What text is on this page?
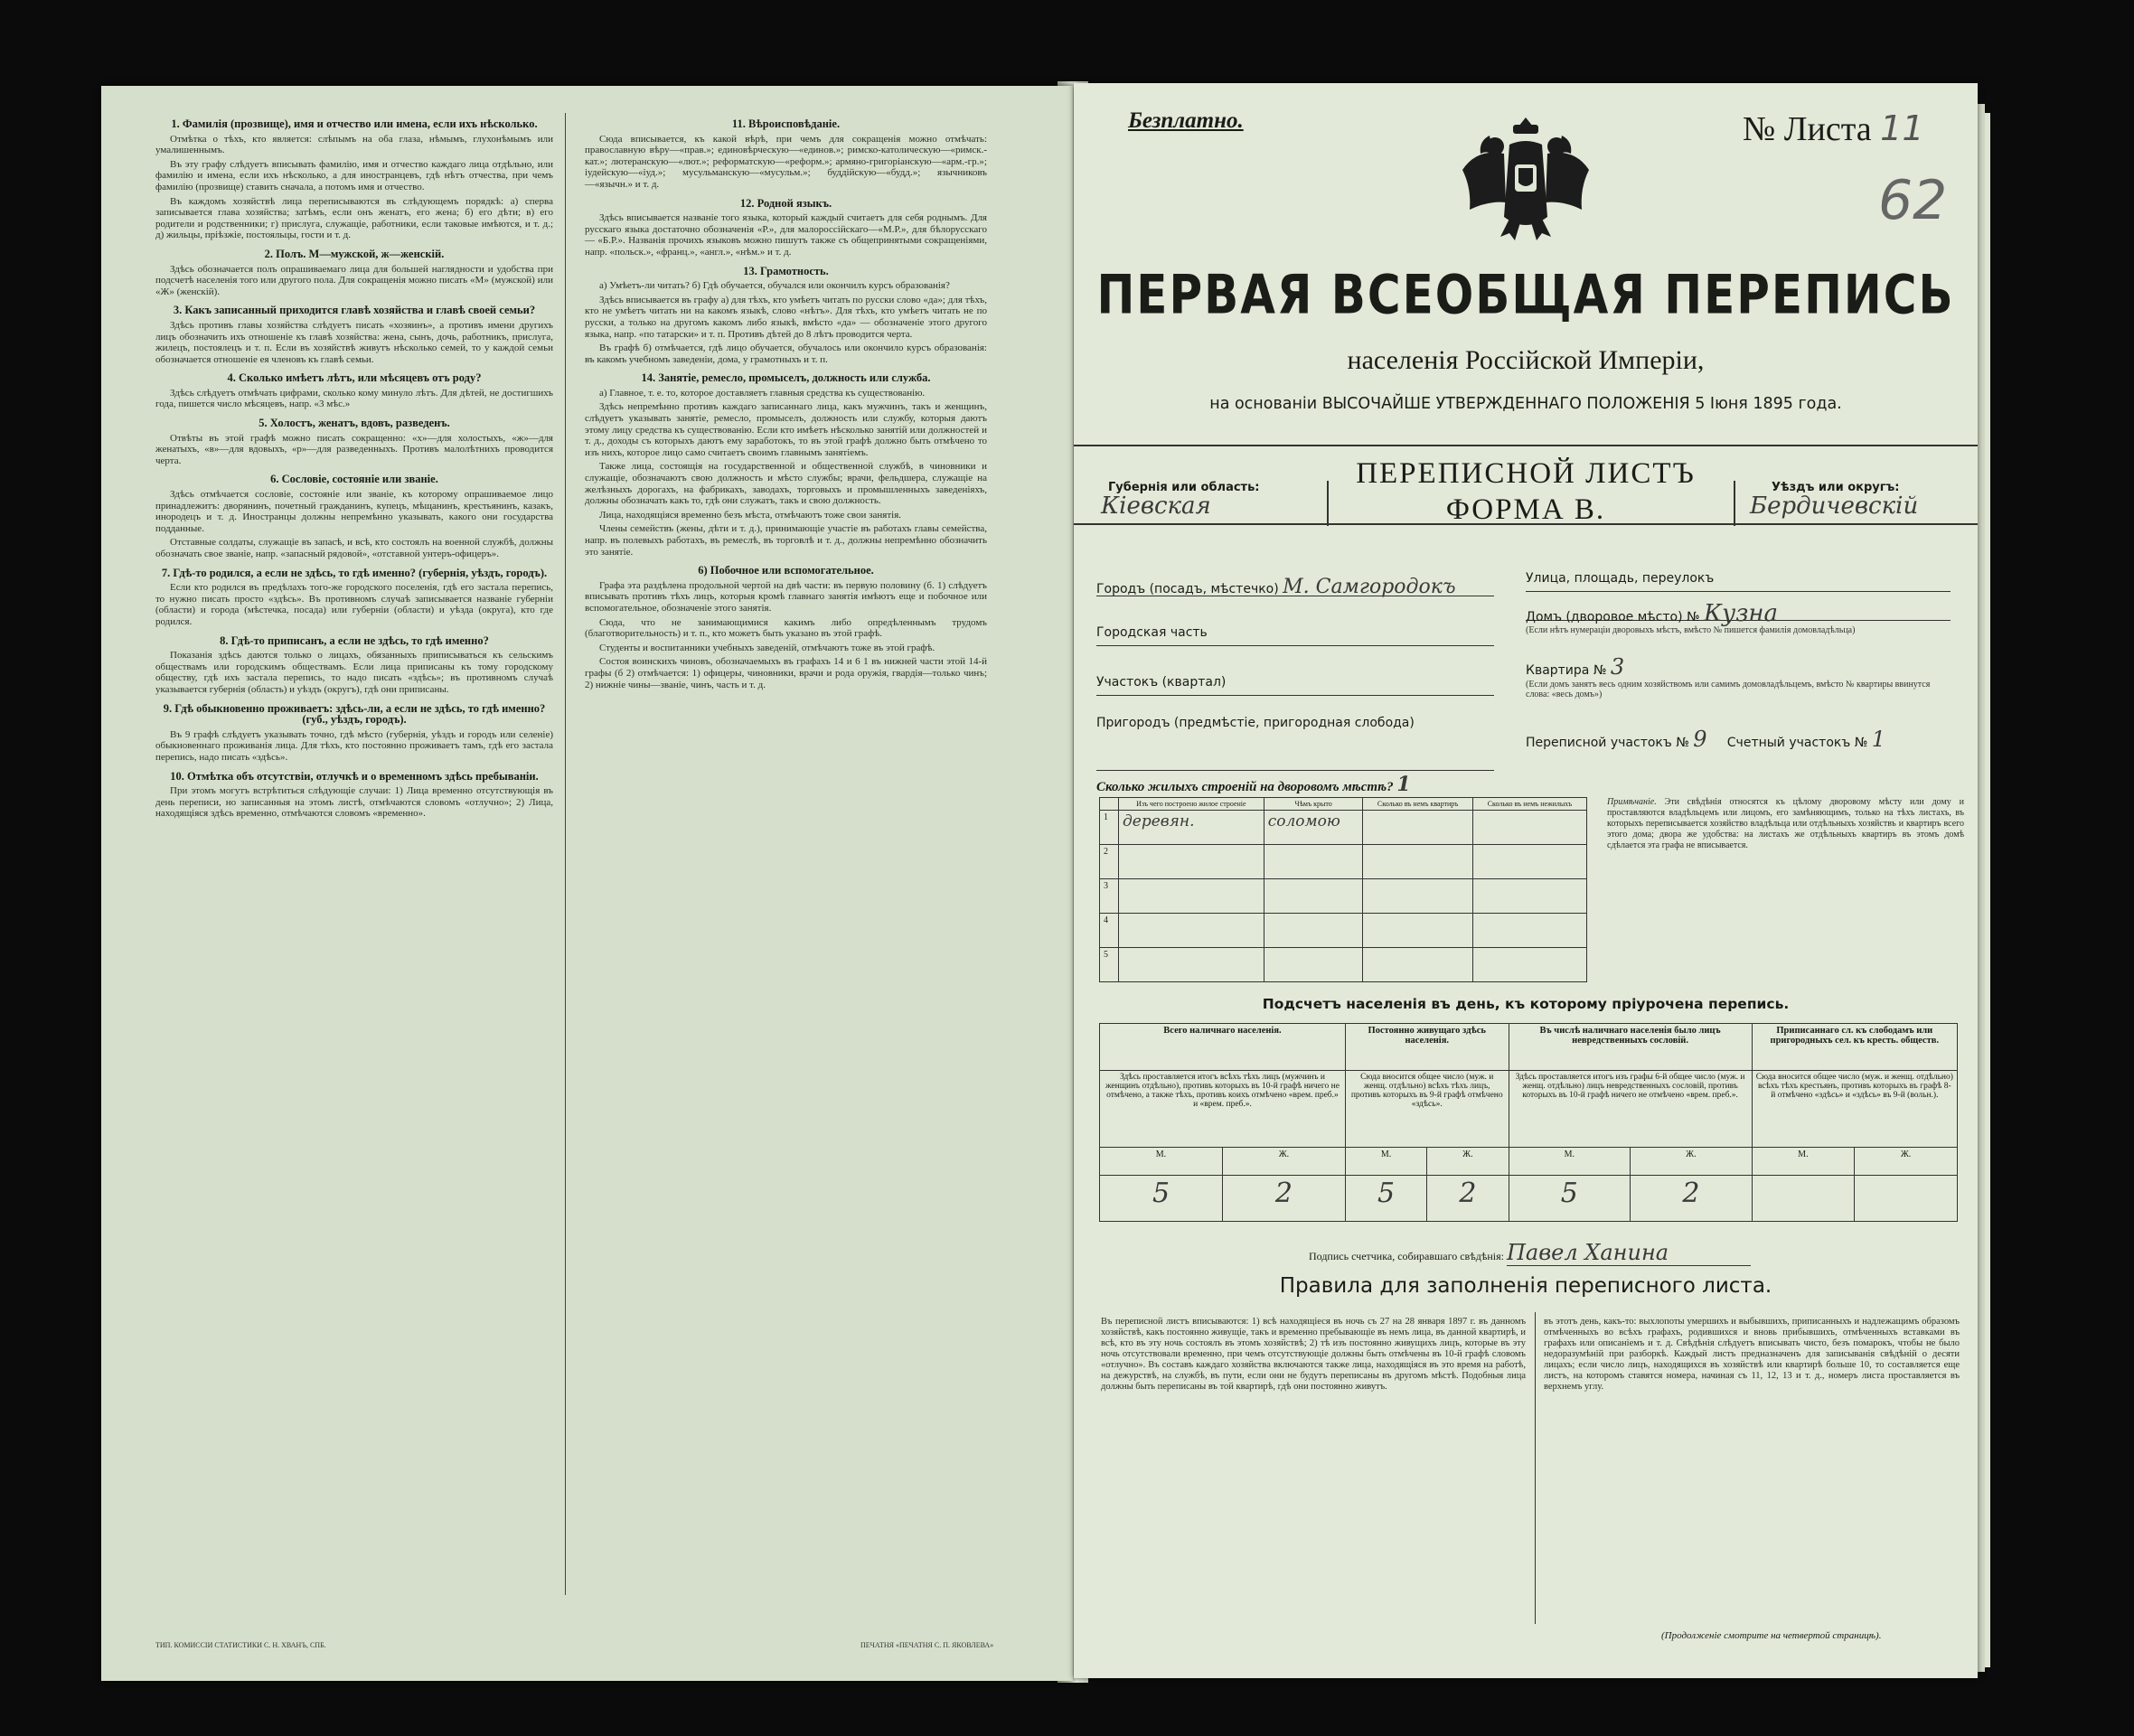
1. Фамилія (прозвище), имя и отчество или имена, если ихъ нѣсколько.

Отмѣтка о тѣхъ, кто является: слѣпымъ на оба глаза, нѣмымъ, глухонѣмымъ или умалишеннымъ.

Въ эту графу слѣдуетъ вписывать фамилію, имя и отчество каждаго лица отдѣльно, или фамилію и имена, если ихъ нѣсколько, а для иностранцевъ, гдѣ нѣтъ отчества, при чемъ фамилію (прозвище) ставить сначала, а потомъ имя и отчество.

Въ каждомъ хозяйствѣ лица переписываются въ слѣдующемъ порядкѣ: а) сперва записывается глава хозяйства; затѣмъ, если онъ женатъ, его жена; б) его дѣти; в) его родители и родственники; г) прислуга, служащіе, работники, если таковые имѣются, и т. д.; д) жильцы, пріѣзжіе, постояльцы, гости и т. д.

2. Полъ. М—мужской, ж—женскій.

Здѣсь обозначается полъ опрашиваемаго лица для большей наглядности и удобства при подсчетѣ населенія того или другого пола. Для сокращенія можно писать «М» (мужской) или «Ж» (женскій).

3. Какъ записанный приходится главѣ хозяйства и главѣ своей семьи?

Здѣсь противъ главы хозяйства слѣдуетъ писать «хозяинъ», а противъ имени другихъ лицъ обозначить ихъ отношеніе къ главѣ хозяйства: жена, сынъ, дочь, работникъ, прислуга, жилецъ, постоялецъ и т. п. Если въ хозяйствѣ живутъ нѣсколько семей, то у каждой семьи обозначается отношеніе ея членовъ къ главѣ семьи.

4. Сколько имѣетъ лѣтъ, или мѣсяцевъ отъ роду?

Здѣсь слѣдуетъ отмѣчать цифрами, сколько кому минуло лѣтъ. Для дѣтей, не достигшихъ года, пишется число мѣсяцевъ, напр. «3 мѣс.»

5. Холостъ, женатъ, вдовъ, разведенъ.

Отвѣты въ этой графѣ можно писать сокращенно: «х»—для холостыхъ, «ж»—для женатыхъ, «в»—для вдовыхъ, «р»—для разведенныхъ. Противъ малолѣтнихъ проводится черта.

6. Сословіе, состояніе или званіе.

Здѣсь отмѣчается сословіе, состояніе или званіе, къ которому опрашиваемое лицо принадлежитъ: дворянинъ, почетный гражданинъ, купецъ, мѣщанинъ, крестьянинъ, казакъ, инородецъ и т. д. Иностранцы должны непремѣнно указывать, какого они государства подданные.

Отставные солдаты, служащіе въ запасѣ, и всѣ, кто состоялъ на военной службѣ, должны обозначать свое званіе, напр. «запасный рядовой», «отставной унтеръ-офицеръ».

7. Гдѣ-то родился, а если не здѣсь, то гдѣ именно? (губернія, уѣздъ, городъ).

Если кто родился въ предѣлахъ того-же городского поселенія, гдѣ его застала перепись, то нужно писать просто «здѣсь». Въ противномъ случаѣ записывается названіе губерніи (области) и города (мѣстечка, посада) или губерніи (области) и уѣзда (округа), кто где родился.

8. Гдѣ-то приписанъ, а если не здѣсь, то гдѣ именно?

Показанія здѣсь даются только о лицахъ, обязанныхъ приписываться къ сельскимъ обществамъ или городскимъ обществамъ. Если лица приписаны къ тому городскому обществу, гдѣ ихъ застала перепись, то надо писать «здѣсь»; въ противномъ случаѣ указывается губернія (область) и уѣздъ (округъ), гдѣ они приписаны.

9. Гдѣ обыкновенно проживаетъ: здѣсь-ли, а если не здѣсь, то гдѣ именно? (губ., уѣздъ, городъ).

Въ 9 графѣ слѣдуетъ указывать точно, гдѣ мѣсто (губернія, уѣздъ и городъ или селеніе) обыкновеннаго проживанія лица. Для тѣхъ, кто постоянно проживаетъ тамъ, гдѣ его застала перепись, надо писать «здѣсь».

10. Отмѣтка объ отсутствіи, отлучкѣ и о временномъ здѣсь пребываніи.

При этомъ могутъ встрѣтиться слѣдующіе случаи: 1) Лица временно отсутствующія въ день переписи, но записанныя на этомъ листѣ, отмѣчаются словомъ «отлучно»; 2) Лица, находящіяся здѣсь временно, отмѣчаются словомъ «временно».

11. Вѣроисповѣданіе.

Сюда вписывается, къ какой вѣрѣ, при чемъ для сокращенія можно отмѣчать: православную вѣру—«прав.»; единовѣрческую—«единов.»; римско-католическую—«римск.-кат.»; лютеранскую—«лют.»; реформатскую—«реформ.»; армяно-григоріанскую—«арм.-гр.»; іудейскую—«іуд.»; мусульманскую—«мусульм.»; буддійскую—«будд.»; язычниковъ—«язычн.» и т. д.

12. Родной языкъ.

Здѣсь вписывается названіе того языка, который каждый считаетъ для себя роднымъ. Для русскаго языка достаточно обозначенія «Р.», для малороссійскаго—«М.Р.», для бѣлорусскаго — «Б.Р.». Названія прочихъ языковъ можно пишутъ также съ общепринятыми сокращеніями, напр. «польск.», «франц.», «англ.», «нѣм.» и т. д.

13. Грамотность.

а) Умѣетъ-ли читать? б) Гдѣ обучается, обучался или окончилъ курсъ образованія?

Здѣсь вписывается въ графу а) для тѣхъ, кто умѣетъ читать по русски слово «да»; для тѣхъ, кто не умѣетъ читать ни на какомъ языкѣ, слово «нѣтъ». Для тѣхъ, кто умѣетъ читать не по русски, а только на другомъ какомъ либо языкѣ, вмѣсто «да» — обозначеніе этого другого языка, напр. «по татарски» и т. п. Противъ дѣтей до 8 лѣтъ проводится черта.

Въ графѣ б) отмѣчается, гдѣ лицо обучается, обучалось или окончило курсъ образованія: въ какомъ учебномъ заведеніи, дома, у грамотныхъ и т. п.

14. Занятіе, ремесло, промыселъ, должность или служба.

а) Главное, т. е. то, которое доставляетъ главныя средства къ существованію.

Здѣсь непремѣнно противъ каждаго записаннаго лица, какъ мужчинъ, такъ и женщинъ, слѣдуетъ указывать занятіе, ремесло, промыселъ, должность или службу, которыя даютъ этому лицу средства къ существованію. Если кто имѣетъ нѣсколько занятій или должностей и т. д., доходы съ которыхъ даютъ ему заработокъ, то въ этой графѣ должно быть отмѣчено то изъ нихъ, которое лицо само считаетъ своимъ главнымъ занятіемъ.

Также лица, состоящія на государственной и общественной службѣ, в чиновники и служащіе, обозначаютъ свою должность и мѣсто службы; врачи, фельдшера, служащіе на желѣзныхъ дорогахъ, на фабрикахъ, заводахъ, торговыхъ и промышленныхъ заведеніяхъ, должны обозначать какъ то, гдѣ они служатъ, такъ и свою должность.

Лица, находящіяся временно безъ мѣста, отмѣчаютъ тоже свои занятія.

Члены семействъ (жены, дѣти и т. д.), принимающіе участіе въ работахъ главы семейства, напр. въ полевыхъ работахъ, въ ремеслѣ, въ торговлѣ и т. д., должны непремѣнно обозначить это занятіе.

6) Побочное или вспомогательное.

Графа эта раздѣлена продольной чертой на двѣ части: въ первую половину (б. 1) слѣдуетъ вписывать противъ тѣхъ лицъ, которыя кромѣ главнаго занятія имѣютъ еще и побочное или вспомогательное, обозначеніе этого занятія.

Сюда, что не занимающимися какимъ либо опредѣленнымъ трудомъ (благотворительность) и т. п., кто можетъ быть указано въ этой графѣ.

Студенты и воспитанники учебныхъ заведеній, отмѣчаютъ тоже въ этой графѣ.

Состоя воинскихъ чиновъ, обозначаемыхъ въ графахъ 14 и 6 1 въ нижней части этой 14-й графы (б 2) отмѣчается: 1) офицеры, чиновники, врачи и рода оружія, гвардія—только чинъ; 2) нижніе чины—званіе, чинъ, часть и т. д.

ТИП. КОМИССІИ СТАТИСТИКИ С. Н. ХВАНЪ, СПБ.	ПЕЧАТНЯ «ПЕЧАТНЯ С. П. ЯКОВЛЕВА»
Безплатно.	№ Листа 11
62
ПЕРВАЯ ВСЕОБЩАЯ ПЕРЕПИСЬ
населенія Россійской Имперіи,
на основаніи ВЫСОЧАЙШЕ УТВЕРЖДЕННАГО ПОЛОЖЕНІЯ 5 Іюня 1895 года.
Губернія или область:
Кіевская
ПЕРЕПИСНОЙ ЛИСТЪ
ФОРМА В.
Уѣздъ или округъ:
Бердичевскій
Городъ (посадъ, мѣстечко) М. Самгородокъ
Городская часть
Участокъ (квартал)
Пригородъ (предмѣстіе, пригородная слобода)
Улица, площадь, переулокъ
Домъ (дворовое мѣсто) № Кузна
(Если нѣтъ нумераціи дворовыхъ мѣстъ, вмѣсто № пишется фамилія домовладѣльца)
Квартира № 3
(Если домъ занятъ весь одним хозяйствомъ или самимъ домовладѣльцемъ, вмѣсто № квартиры ввинутся слова: «весь домъ»)
Переписной участокъ № 9 Счетный участокъ № 1
Сколько жилыхъ строеній на дворовомъ мѣстѣ? 1
	Изъ чего построено жилое строеніе	Чѣмъ крыто	Сколько въ немъ квартиръ	Сколько въ немъ нежилыхъ
1	деревян.	соломою		
2				
3				
4				
5				
Примѣчаніе. Эти свѣдѣнія относятся къ цѣлому дворовому мѣсту или дому и проставляются владѣльцемъ или лицомъ, его замѣняющимъ, только на тѣхъ листахъ, въ которыхъ переписывается хозяйство владѣльца или отдѣльныхъ хозяйствъ и квартиръ всего этого дома; двора же удобства: на листахъ же отдѣльныхъ квартиръ въ этомъ домѣ сдѣлается эта графа не вписывается.
Подсчетъ населенія въ день, къ которому пріурочена перепись.
Всего наличнаго населенія.		Постоянно живущаго здѣсь населенія.		Въ числѣ наличнаго населенія было лицъ невредственныхъ сословій.		Приписаннаго сл. къ слободамъ или пригородныхъ сел. къ кресть. обществ.	
Здѣсь проставляется итогъ всѣхъ тѣхъ лицъ (мужчинъ и женщинъ отдѣльно), противъ которыхъ въ 10-й графѣ ничего не отмѣчено, а также тѣхъ, противъ коихъ отмѣчено «врем. преб.» и «врем. преб.».		Сюда вносится общее число (муж. и женщ. отдѣльно) всѣхъ тѣхъ лицъ, противъ которыхъ въ 9-й графѣ отмѣчено «здѣсь».		Здѣсь проставляется итогъ изъ графы 6-й общее число (муж. и женщ. отдѣльно) лицъ невредственныхъ сословій, противъ которыхъ въ 10-й графѣ ничего не отмѣчено «врем. преб.».		Сюда вносится общее число (муж. и женщ. отдѣльно) всѣхъ тѣхъ крестьянъ, противъ которыхъ въ графѣ 8-й отмѣчено «здѣсь» и «здѣсь» въ 9-й (вольн.).	
М.	Ж.	М.	Ж.	М.	Ж.	М.	Ж.
5	2	5	2	5	2		
Подпись счетчика, собиравшаго свѣдѣнія: Павел Ханина
Правила для заполненія переписного листа.
Въ переписной листъ вписываются: 1) всѣ находящіеся въ ночь съ 27 на 28 января 1897 г. въ данномъ хозяйствѣ, какъ постоянно живущіе, такъ и временно пребывающіе въ немъ лица, въ данной квартирѣ, и всѣ, кто въ эту ночь состоялъ въ этомъ хозяйствѣ; 2) тѣ изъ постоянно живущихъ лицъ, которые въ эту ночь отсутствовали временно, при чемъ отсутствующіе должны быть отмѣчены въ 10-й графѣ словомъ «отлучно». Въ составъ каждаго хозяйства включаются также лица, находящіяся въ это время на работѣ, на дежурствѣ, на службѣ, въ пути, если они не будутъ переписаны въ другомъ мѣстѣ. Подобныя лица должны быть переписаны въ той квартирѣ, гдѣ они постоянно живутъ.
въ этотъ день, какъ-то: выхлопоты умершихъ и выбывшихъ, приписанныхъ и надлежащимъ образомъ отмѣченныхъ во всѣхъ графахъ, родившихся и вновь прибывшихъ, отмѣченныхъ вставками въ графахъ или описаніемъ и т. д. Свѣдѣнія слѣдуетъ вписывать чисто, безъ помарокъ, чтобы не было недоразумѣній при разборкѣ. Каждый листъ предназначенъ для записыванія свѣдѣній о десяти лицахъ; если число лицъ, находящихся въ хозяйствѣ или квартирѣ больше 10, то составляется еще листъ, на которомъ ставятся номера, начиная съ 11, 12, 13 и т. д., номеръ листа проставляется въ верхнемъ углу.
(Продолженіе смотрите на четвертой страницѣ).
